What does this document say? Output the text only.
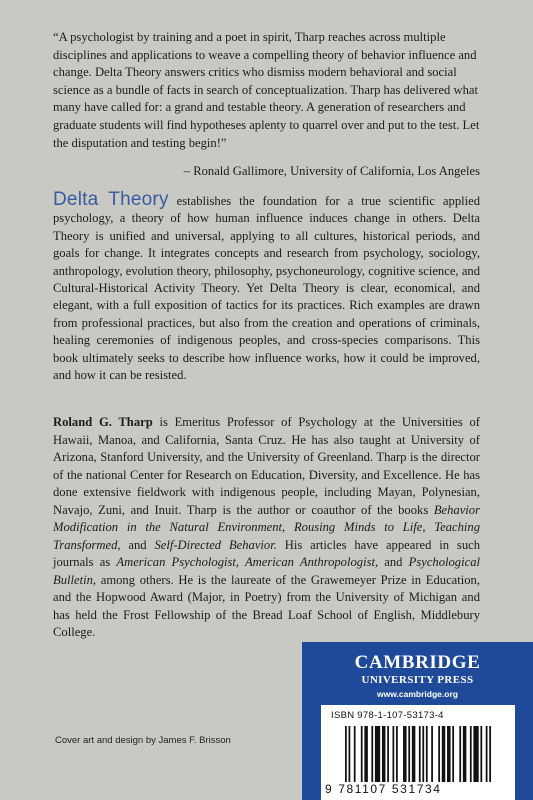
“A psychologist by training and a poet in spirit, Tharp reaches across multiple disciplines and applications to weave a compelling theory of behavior influence and change. Delta Theory answers critics who dismiss modern behavioral and social science as a bundle of facts in search of conceptualization. Tharp has delivered what many have called for: a grand and testable theory. A generation of researchers and graduate students will find hypotheses aplenty to quarrel over and put to the test. Let the disputation and testing begin!”

– Ronald Gallimore, University of California, Los Angeles

Delta Theory establishes the foundation for a true scientific applied psychology, a theory of how human influence induces change in others. Delta Theory is unified and universal, applying to all cultures, historical periods, and goals for change. It integrates concepts and research from psychology, sociology, anthropology, evolution theory, philosophy, psychoneurology, cognitive science, and Cultural-Historical Activity Theory. Yet Delta Theory is clear, economical, and elegant, with a full exposition of tactics for its practices. Rich examples are drawn from professional practices, but also from the creation and operations of criminals, healing ceremonies of indigenous peoples, and cross-species comparisons. This book ultimately seeks to describe how influence works, how it could be improved, and how it can be resisted.

Roland G. Tharp is Emeritus Professor of Psychology at the Universities of Hawaii, Manoa, and California, Santa Cruz. He has also taught at University of Arizona, Stanford University, and the University of Greenland. Tharp is the director of the national Center for Research on Education, Diversity, and Excellence. He has done extensive fieldwork with indigenous people, including Mayan, Polynesian, Navajo, Zuni, and Inuit. Tharp is the author or coauthor of the books Behavior Modification in the Natural Environment, Rousing Minds to Life, Teaching Transformed, and Self-Directed Behavior. His articles have appeared in such journals as American Psychologist, American Anthropologist, and Psychological Bulletin, among others. He is the laureate of the Grawemeyer Prize in Education, and the Hopwood Award (Major, in Poetry) from the University of Michigan and has held the Frost Fellowship of the Bread Loaf School of English, Middlebury College.

Cover art and design by James F. Brisson
CAMBRIDGE
UNIVERSITY PRESS
www.cambridge.org
ISBN 978-1-107-53173-4
9 781107 531734
